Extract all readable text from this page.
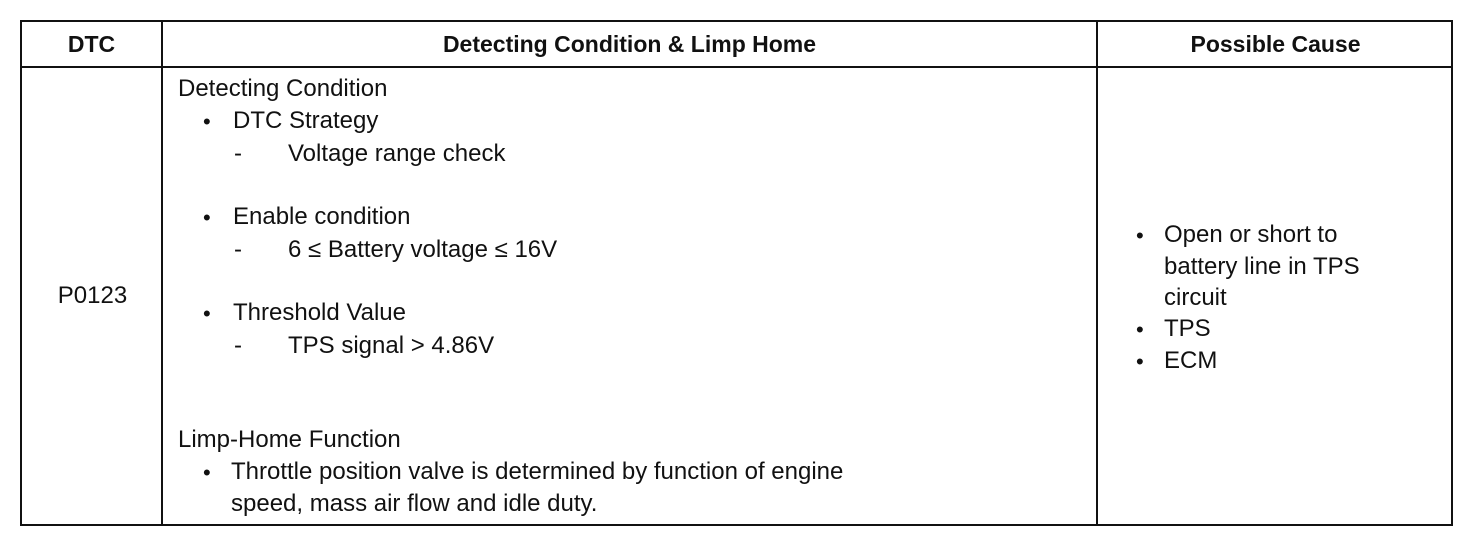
DTC	Detecting Condition & Limp Home	Possible Cause
P0123
Detecting Condition
• DTC Strategy
- Voltage range check
• Enable condition
- 6 ≤ Battery voltage ≤ 16V
• Threshold Value
- TPS signal > 4.86V
Limp-Home Function
• Throttle position valve is determined by function of engine
speed, mass air flow and idle duty.
• Open or short to
battery line in TPS
circuit
• TPS
• ECM
